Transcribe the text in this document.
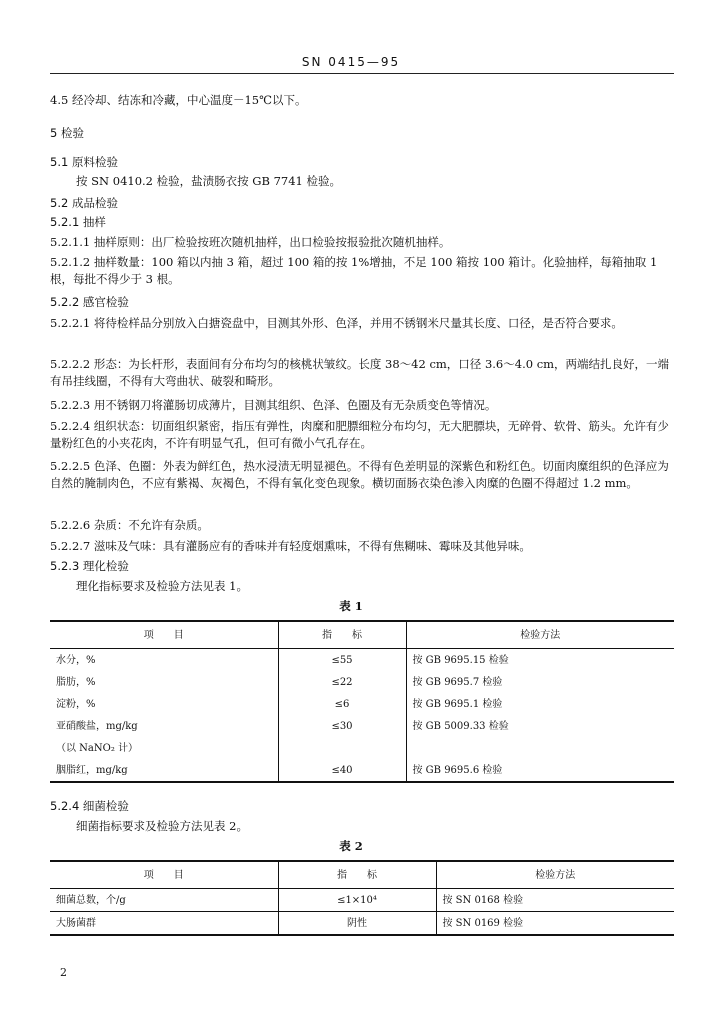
SN 0415—95
4.5 经冷却、结冻和冷藏，中心温度－15℃以下。
5 检验
5.1 原料检验
按 SN 0410.2 检验，盐渍肠衣按 GB 7741 检验。
5.2 成品检验
5.2.1 抽样
5.2.1.1 抽样原则：出厂检验按班次随机抽样，出口检验按报验批次随机抽样。
5.2.1.2 抽样数量：100 箱以内抽 3 箱，超过 100 箱的按 1%增抽，不足 100 箱按 100 箱计。化验抽样，每箱抽取 1 根，每批不得少于 3 根。
5.2.2 感官检验
5.2.2.1 将待检样品分别放入白搪瓷盘中，目测其外形、色泽，并用不锈钢米尺量其长度、口径，是否符合要求。
5.2.2.2 形态：为长杆形，表面间有分布均匀的核桃状皱纹。长度 38～42 cm，口径 3.6～4.0 cm，两端结扎良好，一端有吊挂线圈，不得有大弯曲状、破裂和畸形。
5.2.2.3 用不锈钢刀将灌肠切成薄片，目测其组织、色泽、色圈及有无杂质变色等情况。
5.2.2.4 组织状态：切面组织紧密，指压有弹性，肉糜和肥膘细粒分布均匀，无大肥膘块，无碎骨、软骨、筋头。允许有少量粉红色的小夹花肉，不许有明显气孔，但可有微小气孔存在。
5.2.2.5 色泽、色圈：外表为鲜红色，热水浸渍无明显褪色。不得有色差明显的深紫色和粉红色。切面肉糜组织的色泽应为自然的腌制肉色，不应有紫褐、灰褐色，不得有氧化变色现象。横切面肠衣染色渗入肉糜的色圈不得超过 1.2 mm。
5.2.2.6 杂质：不允许有杂质。
5.2.2.7 滋味及气味：具有灌肠应有的香味并有轻度烟熏味，不得有焦糊味、霉味及其他异味。
5.2.3 理化检验
理化指标要求及检验方法见表 1。
表 1
项　　目	指　　标	检验方法
水分，%	≤55	按 GB 9695.15 检验
脂肪，%	≤22	按 GB 9695.7 检验
淀粉，%	≤6	按 GB 9695.1 检验
亚硝酸盐，mg/kg	≤30	按 GB 5009.33 检验
（以 NaNO₂ 计）		
胭脂红，mg/kg	≤40	按 GB 9695.6 检验
5.2.4 细菌检验
细菌指标要求及检验方法见表 2。
表 2
项　　目	指　　标	检验方法
细菌总数，个/g	≤1×10⁴	按 SN 0168 检验
大肠菌群	阴性	按 SN 0169 检验
2
